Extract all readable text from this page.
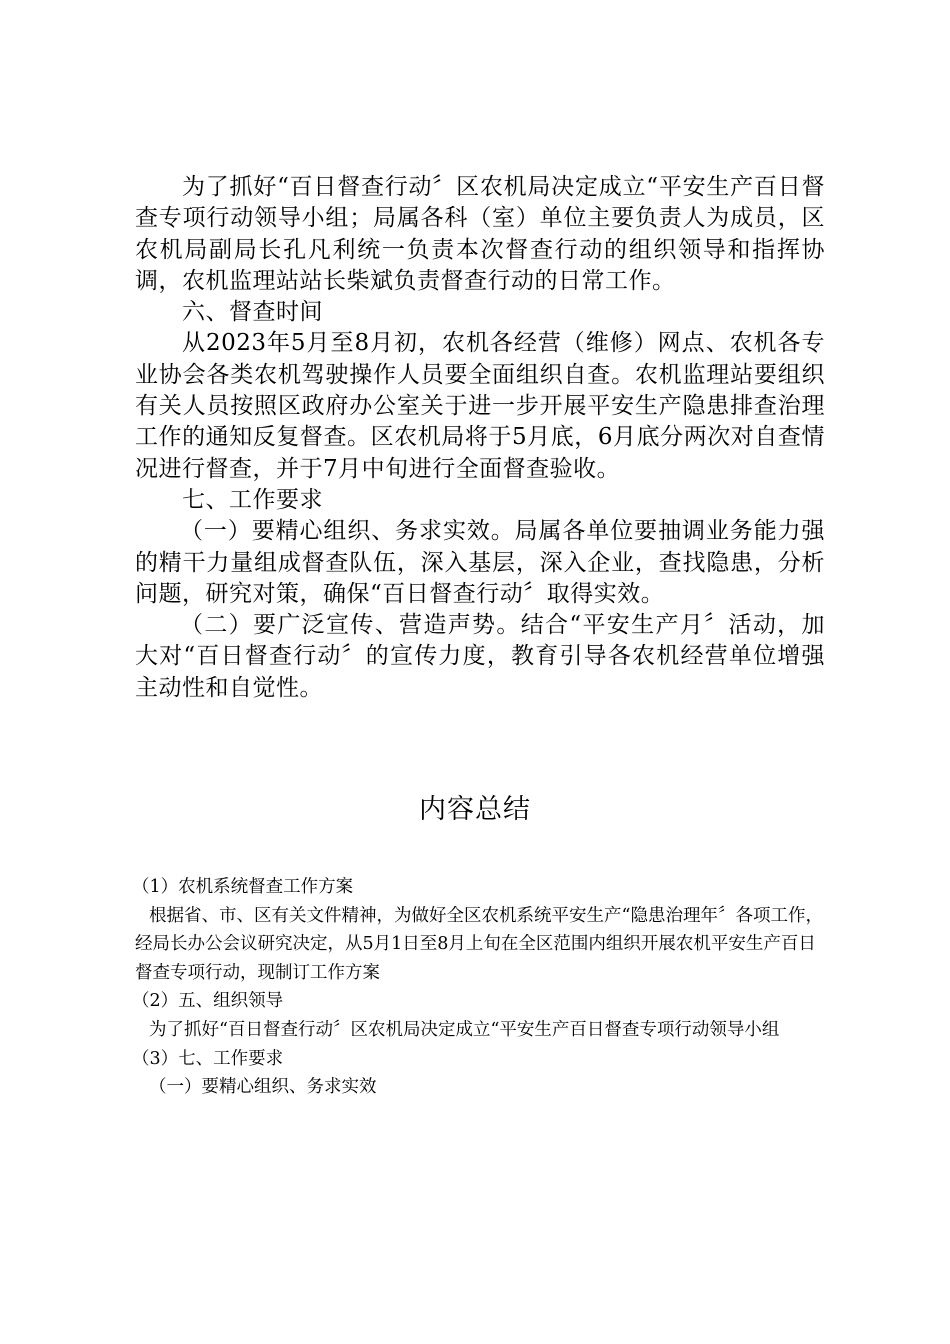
为了抓好“百日督查行动〞区农机局决定成立“平安生产百日督查专项行动领导小组；局属各科（室）单位主要负责人为成员，区农机局副局长孔凡利统一负责本次督查行动的组织领导和指挥协调，农机监理站站长柴斌负责督查行动的日常工作。

六、督查时间

从2023年5月至8月初，农机各经营（维修）网点、农机各专业协会各类农机驾驶操作人员要全面组织自查。农机监理站要组织有关人员按照区政府办公室关于进一步开展平安生产隐患排查治理工作的通知反复督查。区农机局将于5月底，6月底分两次对自查情况进行督查，并于7月中旬进行全面督查验收。

七、工作要求

（一）要精心组织、务求实效。局属各单位要抽调业务能力强的精干力量组成督查队伍，深入基层，深入企业，查找隐患，分析问题，研究对策，确保“百日督查行动〞取得实效。

（二）要广泛宣传、营造声势。结合“平安生产月〞活动，加大对“百日督查行动〞的宣传力度，教育引导各农机经营单位增强主动性和自觉性。

内容总结

（1）农机系统督查工作方案

根据省、市、区有关文件精神，为做好全区农机系统平安生产“隐患治理年〞各项工作，经局长办公会议研究决定，从5月1日至8月上旬在全区范围内组织开展农机平安生产百日督查专项行动，现制订工作方案

（2）五、组织领导

为了抓好“百日督查行动〞区农机局决定成立“平安生产百日督查专项行动领导小组

（3）七、工作要求

（一）要精心组织、务求实效
